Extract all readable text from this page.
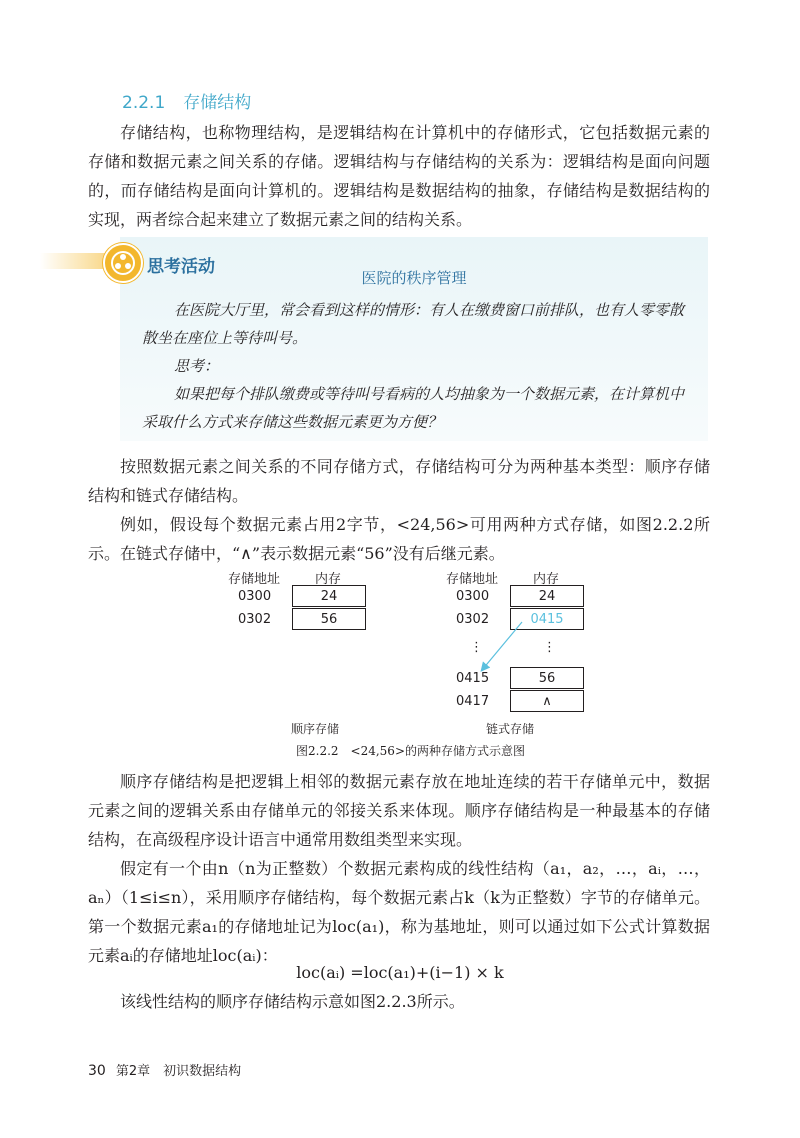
2.2.1 存储结构

存储结构，也称物理结构，是逻辑结构在计算机中的存储形式，它包括数据元素的存储和数据元素之间关系的存储。逻辑结构与存储结构的关系为：逻辑结构是面向问题的，而存储结构是面向计算机的。逻辑结构是数据结构的抽象，存储结构是数据结构的实现，两者综合起来建立了数据元素之间的结构关系。

思考活动
医院的秩序管理

在医院大厅里，常会看到这样的情形：有人在缴费窗口前排队，也有人零零散散坐在座位上等待叫号。

思考：

如果把每个排队缴费或等待叫号看病的人均抽象为一个数据元素，在计算机中采取什么方式来存储这些数据元素更为方便？

按照数据元素之间关系的不同存储方式，存储结构可分为两种基本类型：顺序存储结构和链式存储结构。

例如，假设每个数据元素占用2字节，<24,56>可用两种方式存储，如图2.2.2所示。在链式存储中，“∧”表示数据元素“56”没有后继元素。

存储地址	内存
0300	24
0302	56
顺序存储
存储地址	内存
0300	24
0302	0415
⋮	⋮
0415	56
0417	∧
链式存储
图2.2.2　<24,56>的两种存储方式示意图

顺序存储结构是把逻辑上相邻的数据元素存放在地址连续的若干存储单元中，数据元素之间的逻辑关系由存储单元的邻接关系来体现。顺序存储结构是一种最基本的存储结构，在高级程序设计语言中通常用数组类型来实现。

假定有一个由n（n为正整数）个数据元素构成的线性结构（a₁，a₂，…，aᵢ，…，aₙ）（1≤i≤n），采用顺序存储结构，每个数据元素占k（k为正整数）字节的存储单元。第一个数据元素a₁的存储地址记为loc(a₁)，称为基地址，则可以通过如下公式计算数据元素aᵢ的存储地址loc(aᵢ)：

loc(aᵢ) =loc(a₁)+(i−1) × k

该线性结构的顺序存储结构示意如图2.2.3所示。

30 第2章　初识数据结构
